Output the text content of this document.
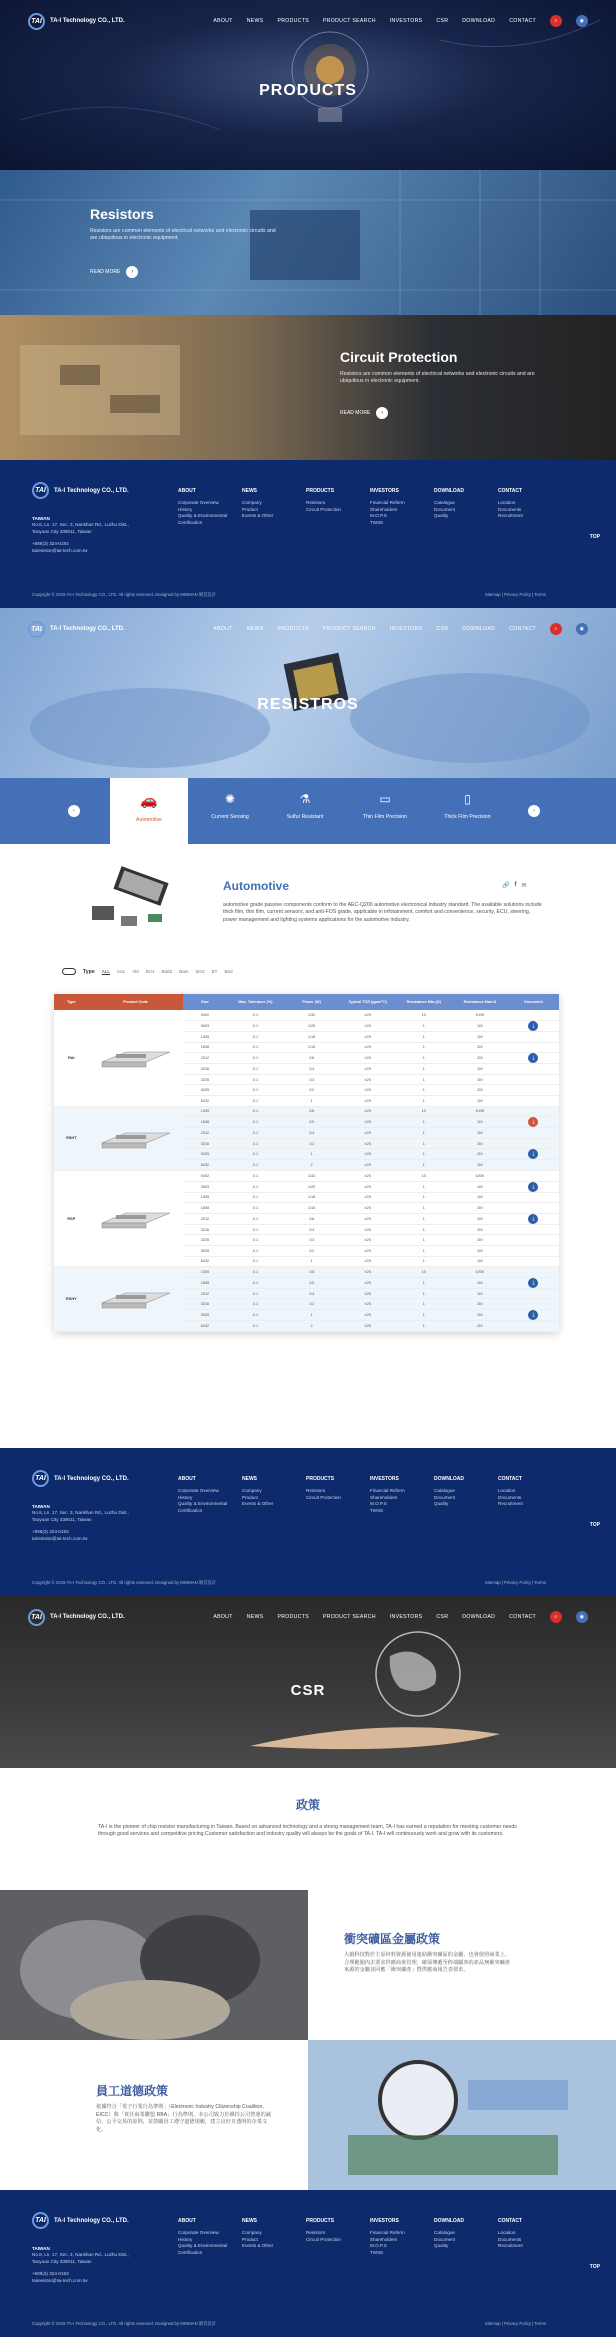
TAI	TA-I Technology CO., LTD.	ABOUT	NEWS	PRODUCTS	PRODUCT SEARCH	INVESTORS	CSR	DOWNLOAD	CONTACT	⌕	◉
PRODUCTS
Resistors
Resistors are common elements of electrical networks and electronic circuits and are ubiquitous in electronic equipment.
READ MORE	›
Circuit Protection
Resistors are common elements of electrical networks and electronic circuits and are ubiquitous in electronic equipment.
READ MORE	›
TAI	TA-I Technology CO., LTD.
TAIWAN
No.8, Ln. 17, Sec. 3, Nankhan Rd., Luzhu Dist., Taoyuan City 338011, Taiwan
+886(3) 324-0193
tairesistor@tai-tech.com.tw
ABOUT
Corporate Overview
History
Quality & Environmental
Certification
NEWS
Company
Product
Events & Other
PRODUCTS
Resistors
Circuit Protection
INVESTORS
Financial Reform
Shareholders
M.O.P.S
TWSE
DOWNLOAD
Catalogue
Document
Quality
CONTACT
Location
Documents
Recruitment
TOP
Copyright © 2019 TA-I Technology CO., LTD. All rights reserved. Designed by MINMAN 網頁設計	Sitemap | Privacy Policy | Terms
TAI	TA-I Technology CO., LTD.	ABOUT	NEWS	PRODUCTS	PRODUCT SEARCH	INVESTORS	CSR	DOWNLOAD	CONTACT	⌕	◉
RESISTROS
‹	›
🚗
Automotive
✺
Current Sensing
⚗
Sulfur Resistant
▭
Thin Film Precision
▯
Thick Film Precision
Automotive	🔗 f ✉
automotive grade passive components conform to the AEC-Q200 automotive electronical industry standard. The available solutions include thick film, thin film, current sensors, and anti-FOS grade, applicable in infotainment, comfort and convenience, security, ECU, steering, power management and lighting systems applications for the automotive industry.
Type ALL Ao1 Al0 bO1 Bdd2 Bam 5m3 ET Bed
Type	Product Code	Size	Max. Tolerance (%)	Power (W)	Typical TCR (ppm/°C)	Resistance Min.(Ω)	Resistance Max.Ω	Document
RAI		0402	0.1	1/32	±25	10	100K	
		0603	0.1	1/20	±25	1	1M	⤓
		1005	0.1	1/16	±25	1	1M	
		1608	0.1	1/10	±25	1	2M	
		2012	0.1	1/8	±25	1	2M	⤓
		3216	0.1	1/4	±25	1	2M	
		3225	0.1	1/3	±25	1	2M	
		5025	0.1	1/2	±25	1	2M	
		6432	0.1	1	±25	1	1M	
RSHT		1005	0.1	1/8	±25	10	100K	
		1608	0.1	1/5	±25	1	1M	⤓
		2012	0.1	1/4	±25	1	1M	
		3216	0.1	1/2	±25	1	2M	
		5025	0.1	1	±25	1	2M	⤓
		6432	0.1	2	±25	1	2M	
RSP		0402	0.1	1/32	±25	10	100K	
		0603	0.1	1/20	±25	1	1M	⤓
		1005	0.1	1/16	±25	1	1M	
		1608	0.1	1/10	±25	1	2M	
		2012	0.1	1/8	±25	1	2M	⤓
		3216	0.1	1/4	±25	1	2M	
		3225	0.1	1/3	±25	1	2M	
		5025	0.1	1/2	±25	1	2M	
		6432	0.1	1	±25	1	1M	
RSHY		1005	0.1	1/8	±25	10	100K	
		1608	0.1	1/5	±25	1	1M	⤓
		2012	0.1	1/4	±25	1	1M	
		3216	0.1	1/2	±25	1	2M	
		5025	0.1	1	±25	1	2M	⤓
		6432	0.1	2	±25	1	2M	
TAI	TA-I Technology CO., LTD.
TAIWAN
No.8, Ln. 17, Sec. 3, Nankhan Rd., Luzhu Dist., Taoyuan City 338011, Taiwan
+886(3) 324-0193
tairesistor@tai-tech.com.tw
ABOUT
Corporate Overview
History
Quality & Environmental
Certification
NEWS
Company
Product
Events & Other
PRODUCTS
Resistors
Circuit Protection
INVESTORS
Financial Reform
Shareholders
M.O.P.S
TWSE
DOWNLOAD
Catalogue
Document
Quality
CONTACT
Location
Documents
Recruitment
TOP
Copyright © 2019 TA-I Technology CO., LTD. All rights reserved. Designed by MINMAN 網頁設計	Sitemap | Privacy Policy | Terms
TAI	TA-I Technology CO., LTD.	ABOUT	NEWS	PRODUCTS	PRODUCT SEARCH	INVESTORS	CSR	DOWNLOAD	CONTACT	⌕	◉
CSR
政策
TA-I is the pioneer of chip resistor manufacturing in Taiwan. Based on advanced technology and a strong management team, TA-I has earned a reputation for meeting customer needs through good services and competitive pricing.Customer satisfaction and industry quality will always be the goals of TA-I. TA-I will continuously work and grow with its customers.
衝突礦區金屬政策
大毅科技對於主原材料資源使用連結衝突礦區的金屬，也會依照商業上、合理範圍內去要求供應商來管理，確保傳遞至終端顧客的產品無衝突礦產來源的金屬並回應「衝突礦產」暨供應商報告表要求。
員工道德政策
依據符合「電子行業行為準則」（Electronic Industry Citizenship Coalition, EICC）與「責任商業聯盟 RBA」行為準則，本公司致力於維持公司營運的誠信、公平交易的原則，並鼓勵員工遵守道德規範，建立良好且透明的企業文化。
TAI	TA-I Technology CO., LTD.
TAIWAN
No.8, Ln. 17, Sec. 3, Nankhan Rd., Luzhu Dist., Taoyuan City 338011, Taiwan
+886(3) 324-0193
tairesistor@tai-tech.com.tw
ABOUT
Corporate Overview
History
Quality & Environmental
Certification
NEWS
Company
Product
Events & Other
PRODUCTS
Resistors
Circuit Protection
INVESTORS
Financial Reform
Shareholders
M.O.P.S
TWSE
DOWNLOAD
Catalogue
Document
Quality
CONTACT
Location
Documents
Recruitment
TOP
Copyright © 2019 TA-I Technology CO., LTD. All rights reserved. Designed by MINMAN 網頁設計	Sitemap | Privacy Policy | Terms
